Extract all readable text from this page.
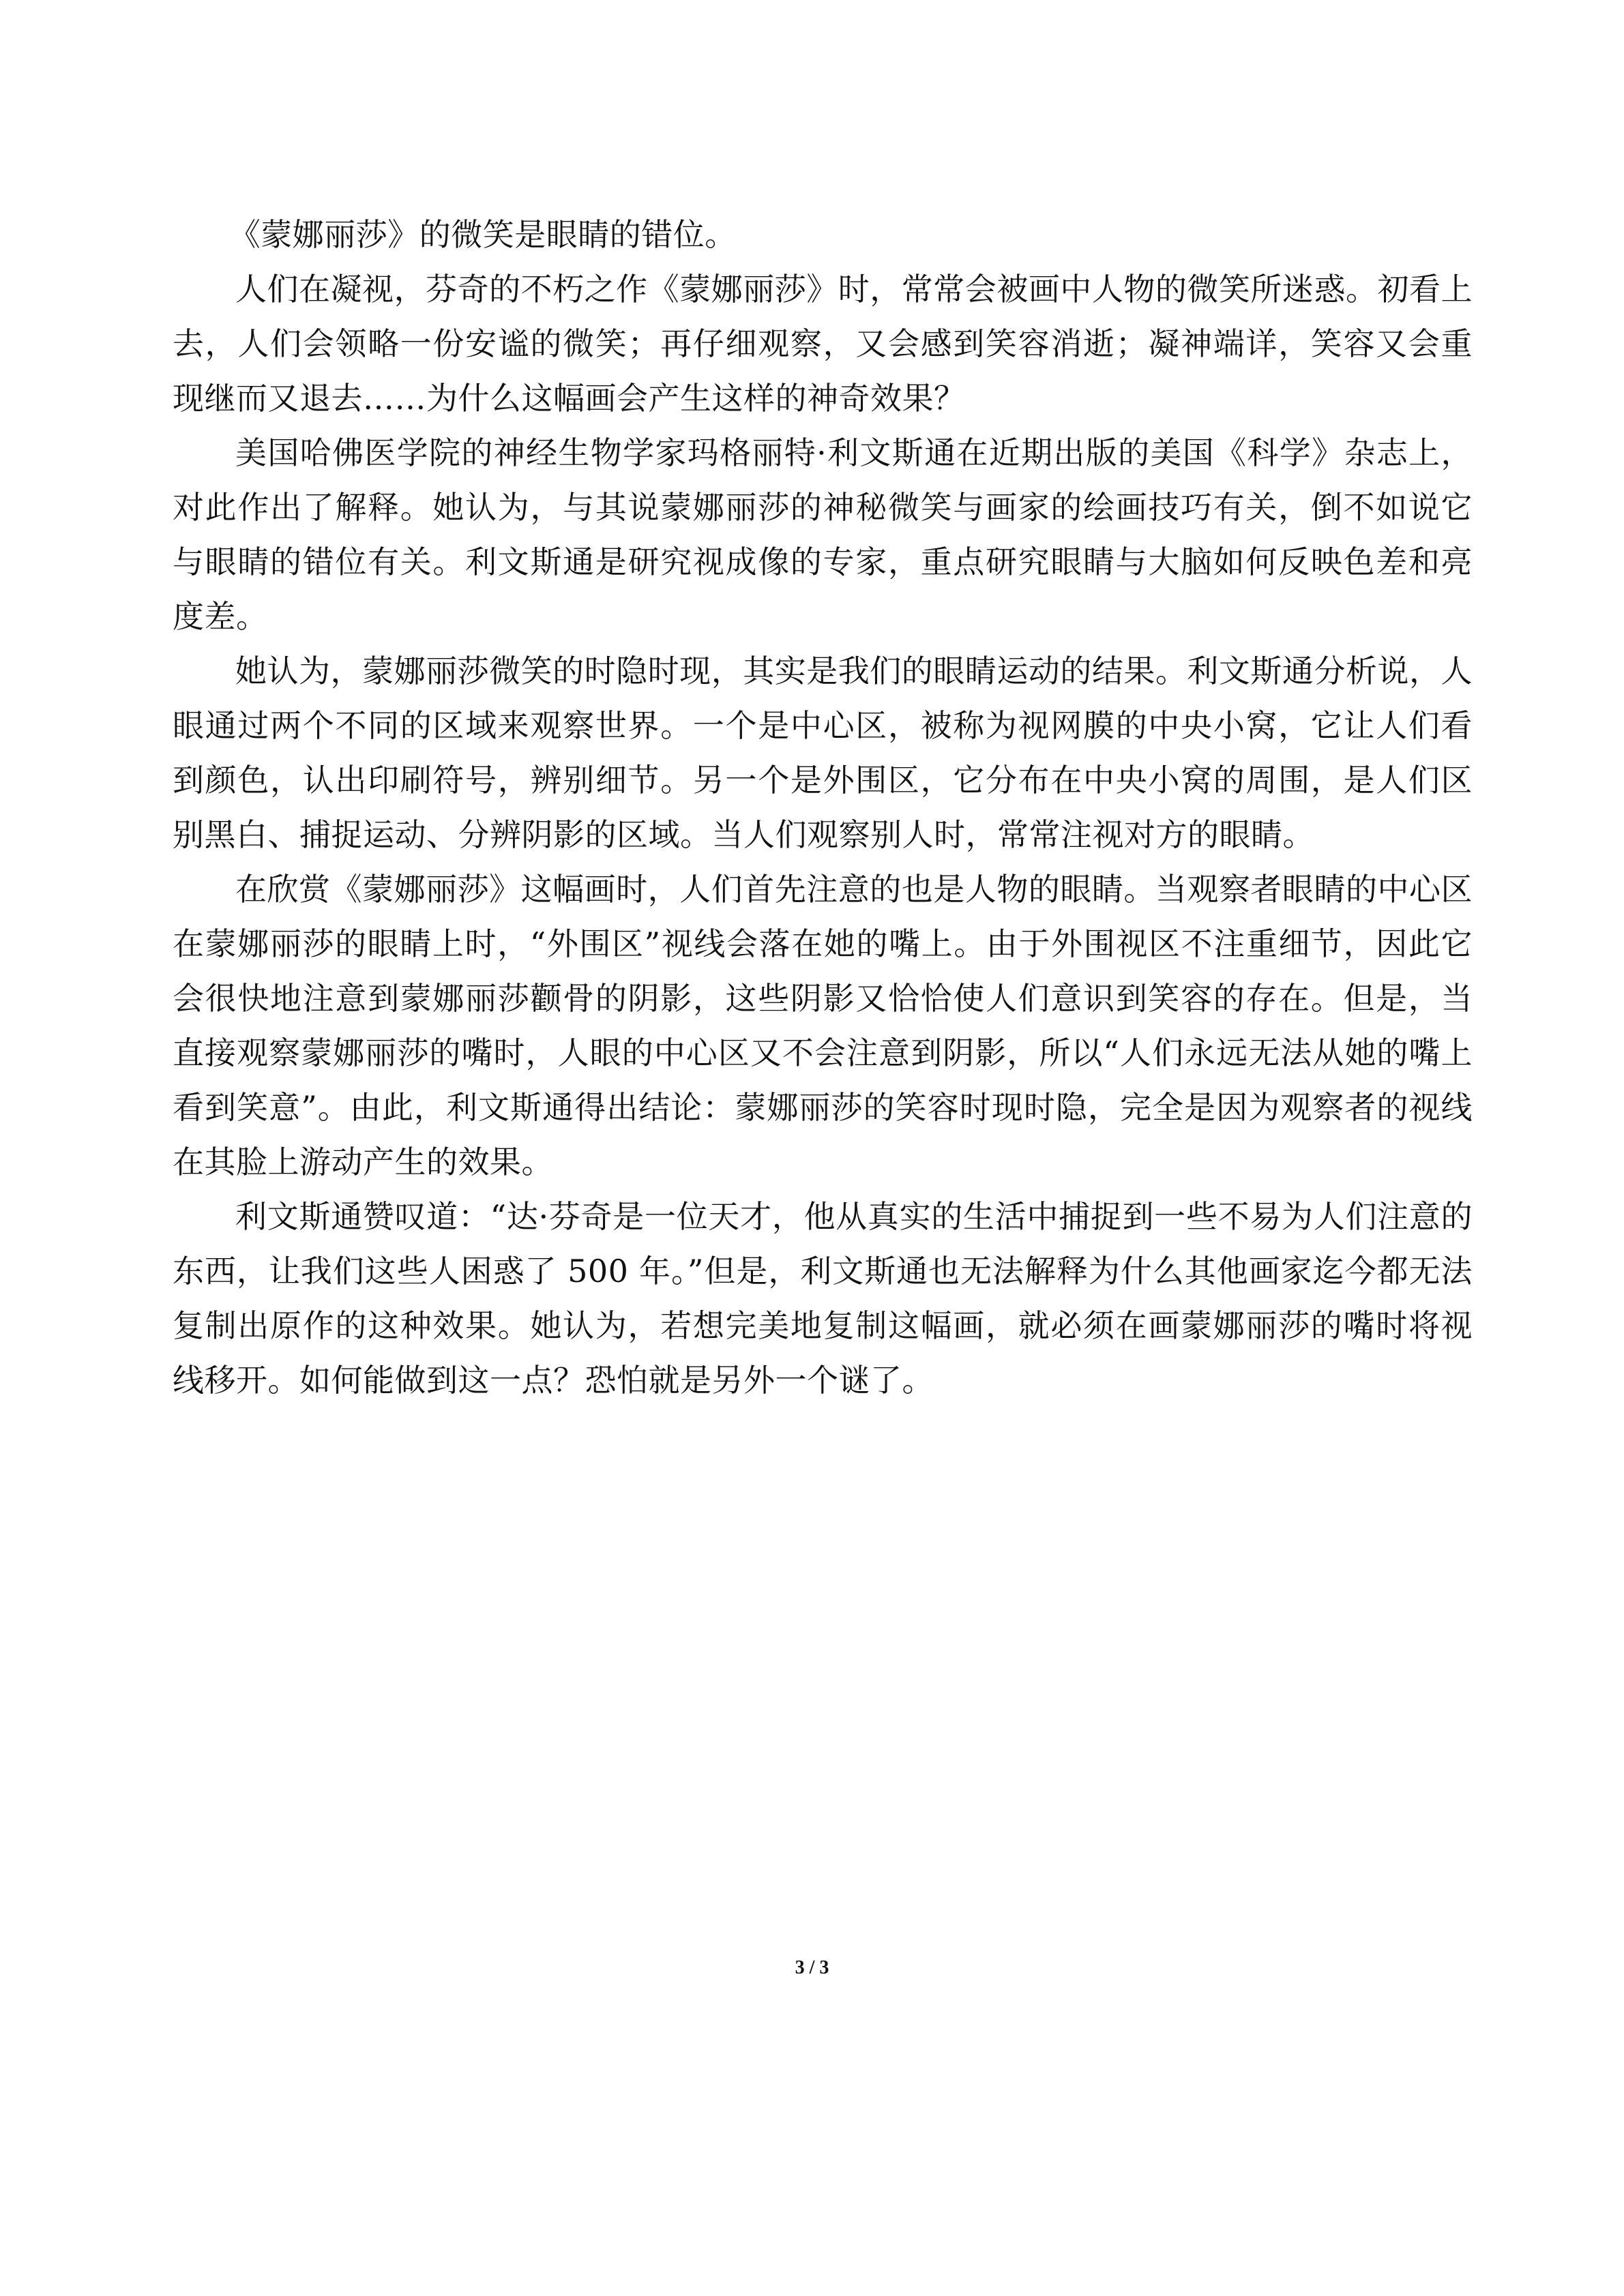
《蒙娜丽莎》的微笑是眼睛的错位。

人们在凝视，芬奇的不朽之作《蒙娜丽莎》时，常常会被画中人物的微笑所迷惑。初看上去，人们会领略一份安谧的微笑；再仔细观察，又会感到笑容消逝；凝神端详，笑容又会重现继而又退去……为什么这幅画会产生这样的神奇效果？

美国哈佛医学院的神经生物学家玛格丽特·利文斯通在近期出版的美国《科学》杂志上，对此作出了解释。她认为，与其说蒙娜丽莎的神秘微笑与画家的绘画技巧有关，倒不如说它与眼睛的错位有关。利文斯通是研究视成像的专家，重点研究眼睛与大脑如何反映色差和亮度差。

她认为，蒙娜丽莎微笑的时隐时现，其实是我们的眼睛运动的结果。利文斯通分析说，人眼通过两个不同的区域来观察世界。一个是中心区，被称为视网膜的中央小窝，它让人们看到颜色，认出印刷符号，辨别细节。另一个是外围区，它分布在中央小窝的周围，是人们区别黑白、捕捉运动、分辨阴影的区域。当人们观察别人时，常常注视对方的眼睛。

在欣赏《蒙娜丽莎》这幅画时，人们首先注意的也是人物的眼睛。当观察者眼睛的中心区在蒙娜丽莎的眼睛上时，“外围区”视线会落在她的嘴上。由于外围视区不注重细节，因此它会很快地注意到蒙娜丽莎颧骨的阴影，这些阴影又恰恰使人们意识到笑容的存在。但是，当直接观察蒙娜丽莎的嘴时，人眼的中心区又不会注意到阴影，所以“人们永远无法从她的嘴上看到笑意”。由此，利文斯通得出结论：蒙娜丽莎的笑容时现时隐，完全是因为观察者的视线在其脸上游动产生的效果。

利文斯通赞叹道：“达·芬奇是一位天才，他从真实的生活中捕捉到一些不易为人们注意的东西，让我们这些人困惑了 500 年。”但是，利文斯通也无法解释为什么其他画家迄今都无法复制出原作的这种效果。她认为，若想完美地复制这幅画，就必须在画蒙娜丽莎的嘴时将视线移开。如何能做到这一点？恐怕就是另外一个谜了。

3 / 3
